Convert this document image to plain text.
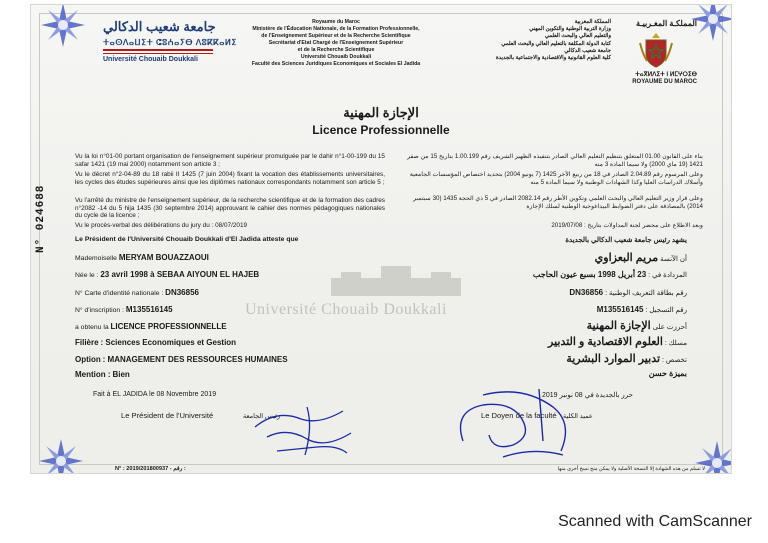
جامعة شعيب الدكالي
ⵜⴰⵙⴷⴰⵡⵉⵜ ⵛⵓⵄⴰⵢⴱ ⴷⵓⴽⴽⴰⵍⵉ
Université Chouaib Doukkali
Royaume du Maroc
Ministère de l'Éducation Nationale, de la Formation Professionnelle,
de l'Enseignement Supérieur et de la Recherche Scientifique
Secrétariat d'Etat Chargé de l'Enseignement Supérieur
et de la Recherche Scientifique
Université Chouaib Doukkali
Faculté des Sciences Juridiques Economiques et Sociales El Jadida
المملكة المغربية
وزارة التربية الوطنية والتكوين المهني
والتعليم العالي والبحث العلمي
كتابة الدولة المكلفة بالتعليم العالي والبحث العلمي
جامعة شعيب الدكالي
كلية العلوم القانونية والاقتصادية والاجتماعية بالجديدة
المملكـة المغـربيـة
ⵜⴰⴳⵍⴷⵉⵜ ⵏ ⵍⵎⵖⵔⵉⴱ
ROYAUME DU MAROC
الإجازة المهنية
Licence Professionnelle
Vu la loi n°01-00 portant organisation de l'enseignement supérieur promulguée par le dahir n°1-00-199 du 15 safar 1421 (19 mai 2000) notamment son article 3 ;
Vu le décret n°2-04-89 du 18 rabii II 1425 (7 juin 2004) fixant la vocation des établissements universitaires, les cycles des études supérieures ainsi que les diplômes nationaux correspondants notamment son article 5 ;
Vu l'arrêté du ministre de l'enseignement supérieur, de la recherche scientifique et de la formation des cadres n°2082 -14 du 5 hija 1435 (30 septembre 2014) approuvant le cahier des normes pédagogiques nationales du cycle de la licence ;
Vu le procès-verbal des délibérations du jury du : 08/07/2019
بناء على القانون 01.00 المتعلق بتنظيم التعليم العالي الصادر بتنفيذه الظهير الشريف رقم 1.00.199 بتاريخ 15 من صفر 1421 (19 ماي 2000) ولا سيما المادة 3 منه
وعلى المرسوم رقم 2.04.89 الصادر في 18 من ربيع الآخر 1425 (7 يونيو 2004) بتحديد اختصاص المؤسسات الجامعية وأسلاك الدراسات العليا وكذا الشهادات الوطنية ولا سيما المادة 5 منه
وعلى قرار وزير التعليم العالي والبحث العلمي وتكوين الأطر رقم 2082.14 الصادر في 5 ذي الحجة 1435 (30 سبتمبر 2014) بالمصادقة على دفتر الضوابط البيداغوجية الوطنية لسلك الإجازة
وبعد الاطلاع على محضر لجنة المداولات بتاريخ : 2019/07/08
Le Président de l'Université Chouaib Doukkali d'El Jadida atteste que	يشهد رئيس جامعة شعيب الدكالي بالجديدة
Université Chouaib Doukkali
Mademoiselle MERYAM BOUAZZAOUI
Née le : 23 avril 1998 à SEBAA AIYOUN EL HAJEB
N° Carte d'identité nationale : DN36856
N° d'inscription : M135516145
a obtenu la LICENCE PROFESSIONNELLE
Filière : Sciences Economiques et Gestion
Option : MANAGEMENT DES RESSOURCES HUMAINES
Mention : Bien
أن الآنسة مريم البعزاوي
المزدادة في : 23 أبريل 1998 بسبع عيون الحاجب
رقم بطاقة التعريف الوطنية : DN36856
رقم التسجيل : M135516145
أحرزت على الإجازة المهنية
مسلك : العلوم الاقتصادية و التدبير
تخصص : تدبير الموارد البشرية
بميزة حسن
Fait à EL JADIDA le 08 Novembre 2019	حرر بالجديدة في 08 نونبر 2019
Le Président de l'Université	رئيس الجامعة	Le Doyen de la faculté عميد الكلية
N° : 2019/201800937 - رقم :	لا تسلم من هذه الشهادة إلا النسخة الأصلية ولا يمكن منح نسخ أخرى منها
N° 024688
Scanned with CamScanner
